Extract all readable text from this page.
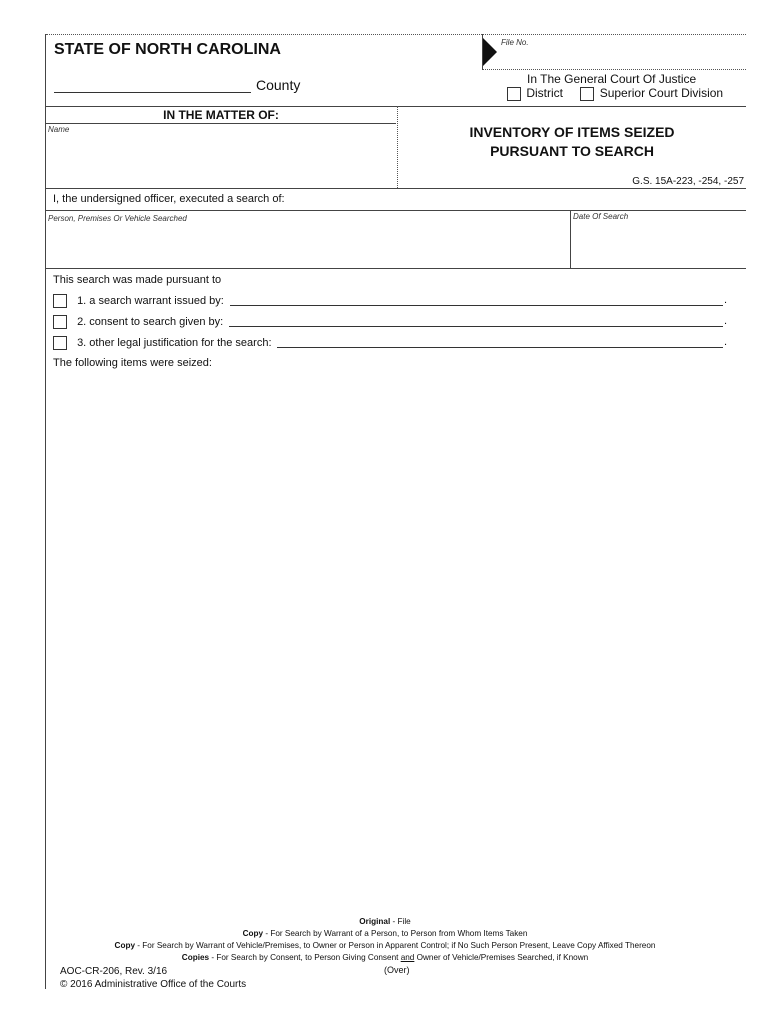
STATE OF NORTH CAROLINA
County
File No.
In The General Court Of Justice
District	Superior Court Division
IN THE MATTER OF:
Name	INVENTORY OF ITEMS SEIZED
PURSUANT TO SEARCH
G.S. 15A-223, -254, -257
I, the undersigned officer, executed a search of:
Person, Premises Or Vehicle Searched	Date Of Search
This search was made pursuant to
1. a search warrant issued by:	.
2. consent to search given by:	.
3. other legal justification for the search:	.
The following items were seized:
Original - File
Copy - For Search by Warrant of a Person, to Person from Whom Items Taken
Copy - For Search by Warrant of Vehicle/Premises, to Owner or Person in Apparent Control; if No Such Person Present, Leave Copy Affixed Thereon
Copies - For Search by Consent, to Person Giving Consent and Owner of Vehicle/Premises Searched, if Known
AOC-CR-206, Rev. 3/16	(Over)
© 2016 Administrative Office of the Courts
